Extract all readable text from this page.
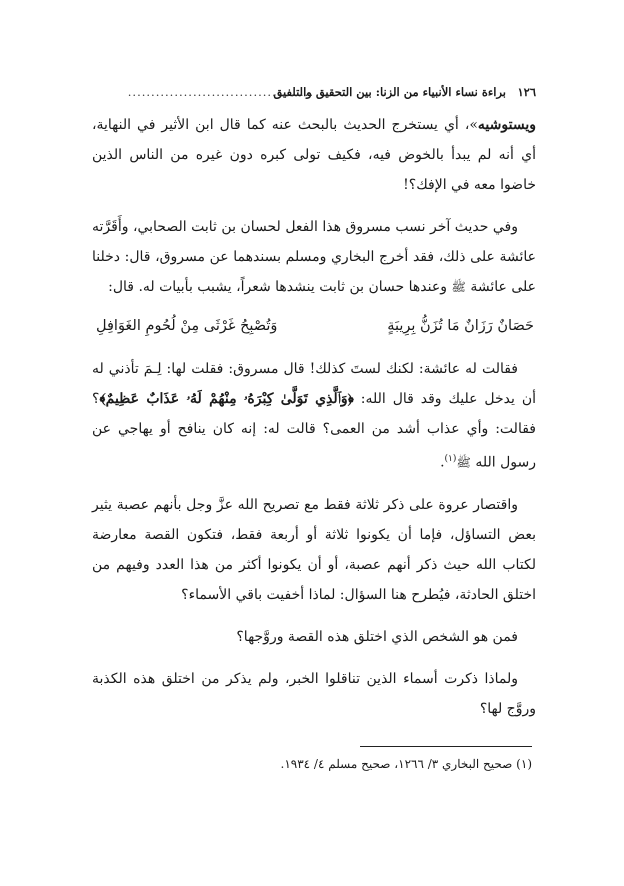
١٢٦
براءة نساء الأنبياء من الزنا: بين التحقيق والتلفيق
........................................

ويستوشيه»، أي يستخرج الحديث بالبحث عنه كما قال ابن الأثير في النهاية، أي أنه لم يبدأ بالخوض فيه، فكيف تولى كبره دون غيره من الناس الذين خاضوا معه في الإفك؟!

وفي حديث آخر نسب مسروق هذا الفعل لحسان بن ثابت الصحابي، وأَقَرَّته عائشة على ذلك، فقد أخرج البخاري ومسلم بسندهما عن مسروق، قال: دخلنا على عائشة ﷺ وعندها حسان بن ثابت ينشدها شعراً، يشبب بأبيات له. قال:

حَصَانٌ رَزَانٌ مَا تُزَنُّ بِرِيبَةٍ
وَتُصْبِحُ غَرْثَى مِنْ لُحُومِ الغَوَافِلِ

فقالت له عائشة: لكنك لستَ كذلك! قال مسروق: فقلت لها: لِـمَ تأذني له أن يدخل عليك وقد قال الله: ﴿وَٱلَّذِي تَوَلَّىٰ كِبْرَهُۥ مِنْهُمْ لَهُۥ عَذَابٌ عَظِيمٌ﴾؟ فقالت: وأي عذاب أشد من العمى؟ قالت له: إنه كان ينافح أو يهاجي عن رسول الله ﷺ$^{(١)}$.

واقتصار عروة على ذكر ثلاثة فقط مع تصريح الله عزَّ وجل بأنهم عصبة يثير بعض التساؤل، فإما أن يكونوا ثلاثة أو أربعة فقط، فتكون القصة معارضة لكتاب الله حيث ذكر أنهم عصبة، أو أن يكونوا أكثر من هذا العدد وفيهم من اختلق الحادثة، فيُطرح هنا السؤال: لماذا أخفيت باقي الأسماء؟

فمن هو الشخص الذي اختلق هذه القصة وروَّجها؟

ولماذا ذكرت أسماء الذين تناقلوا الخبر، ولم يذكر من اختلق هذه الكذبة وروَّج لها؟

(١) صحيح البخاري ٣/ ١٢٦٦، صحيح مسلم ٤/ ١٩٣٤.
